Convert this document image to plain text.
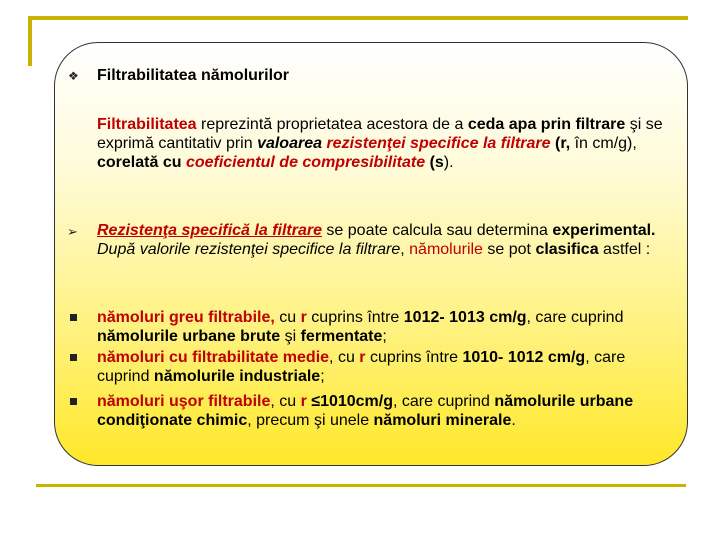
❖ Filtrabilitatea nămolurilor
Filtrabilitatea reprezintă proprietatea acestora de a ceda apa prin filtrare şi se exprimă cantitativ prin valoarea rezistenţei specifice la filtrare (r, în cm/g), corelată cu coeficientul de compresibilitate (s).
➢ Rezistenţa specifică la filtrare se poate calcula sau determina experimental.
După valorile rezistenţei specifice la filtrare, nămolurile se pot clasifica astfel :
nămoluri greu filtrabile, cu r cuprins între 1012- 1013 cm/g, care cuprind nămolurile urbane brute şi fermentate;
nămoluri cu filtrabilitate medie, cu r cuprins între 1010- 1012 cm/g, care cuprind nămolurile industriale;
nămoluri uşor filtrabile, cu r ≤1010cm/g, care cuprind nămolurile urbane condiţionate chimic, precum şi unele nămoluri minerale.
